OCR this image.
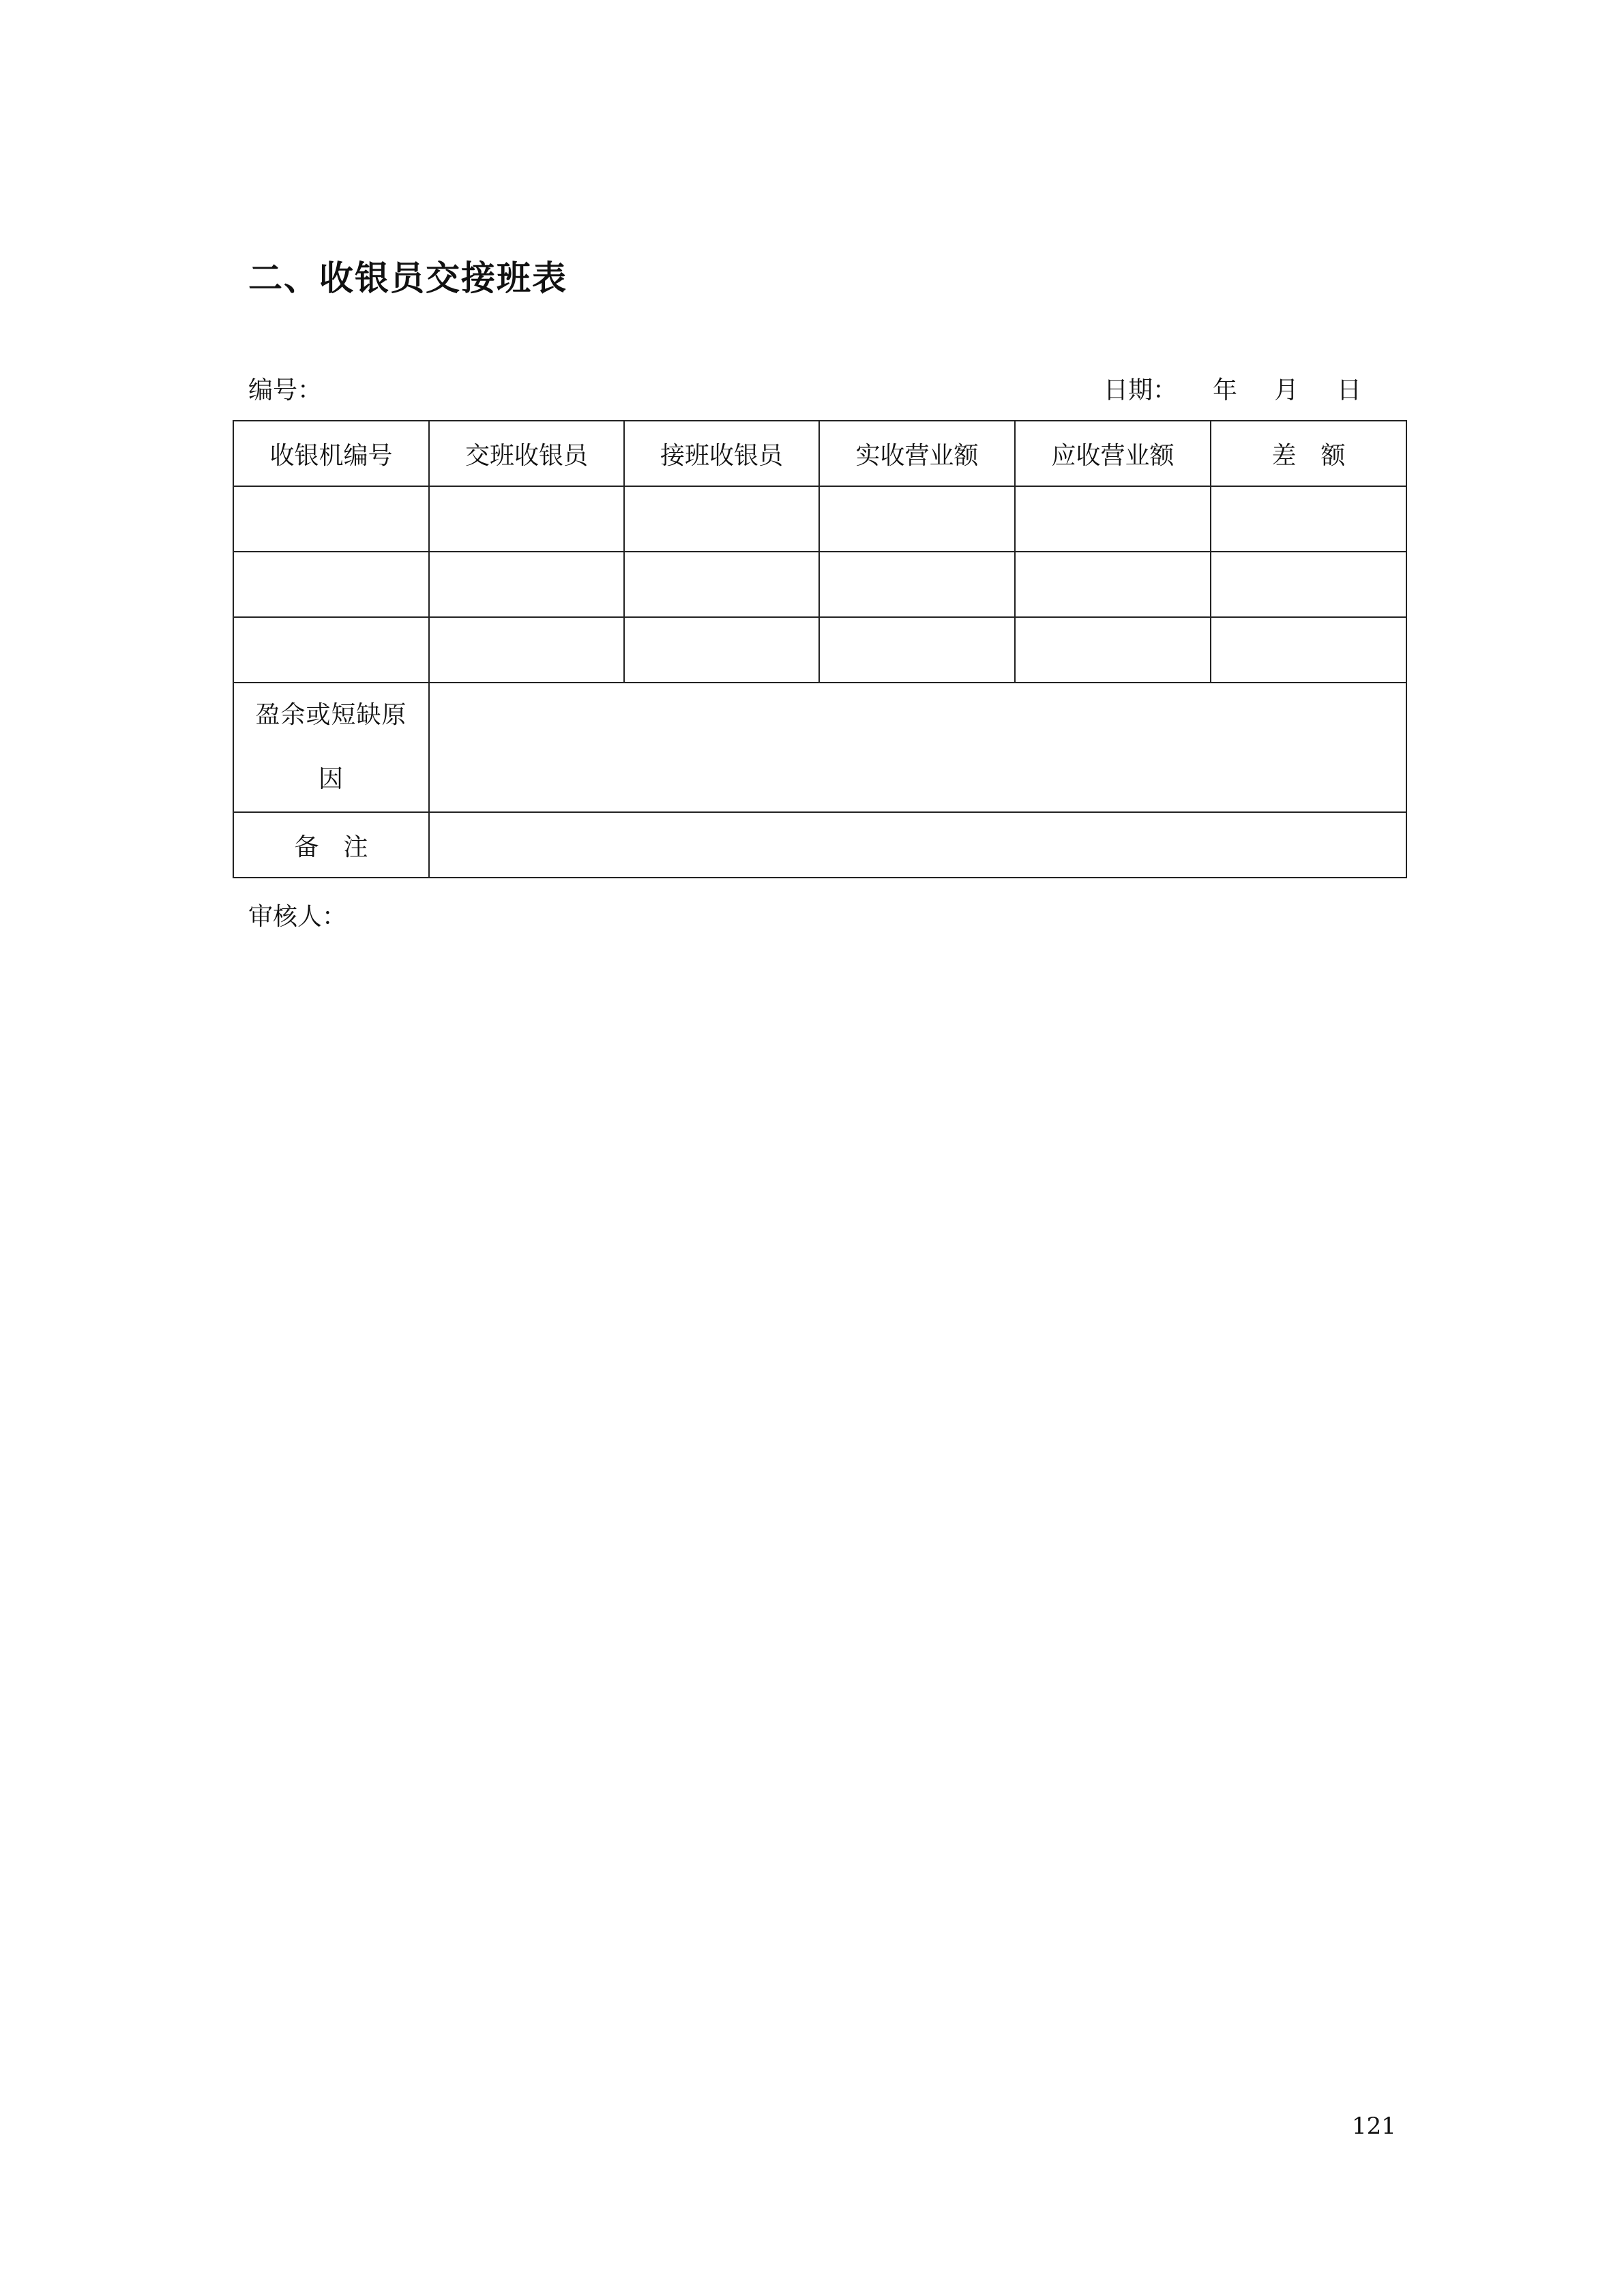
二、收银员交接班表
编号：	日期：	年	月	日
收银机编号	交班收银员	接班收银员	实收营业额	应收营业额	差　额

盈余或短缺原因					
备　注					
审核人：
121
